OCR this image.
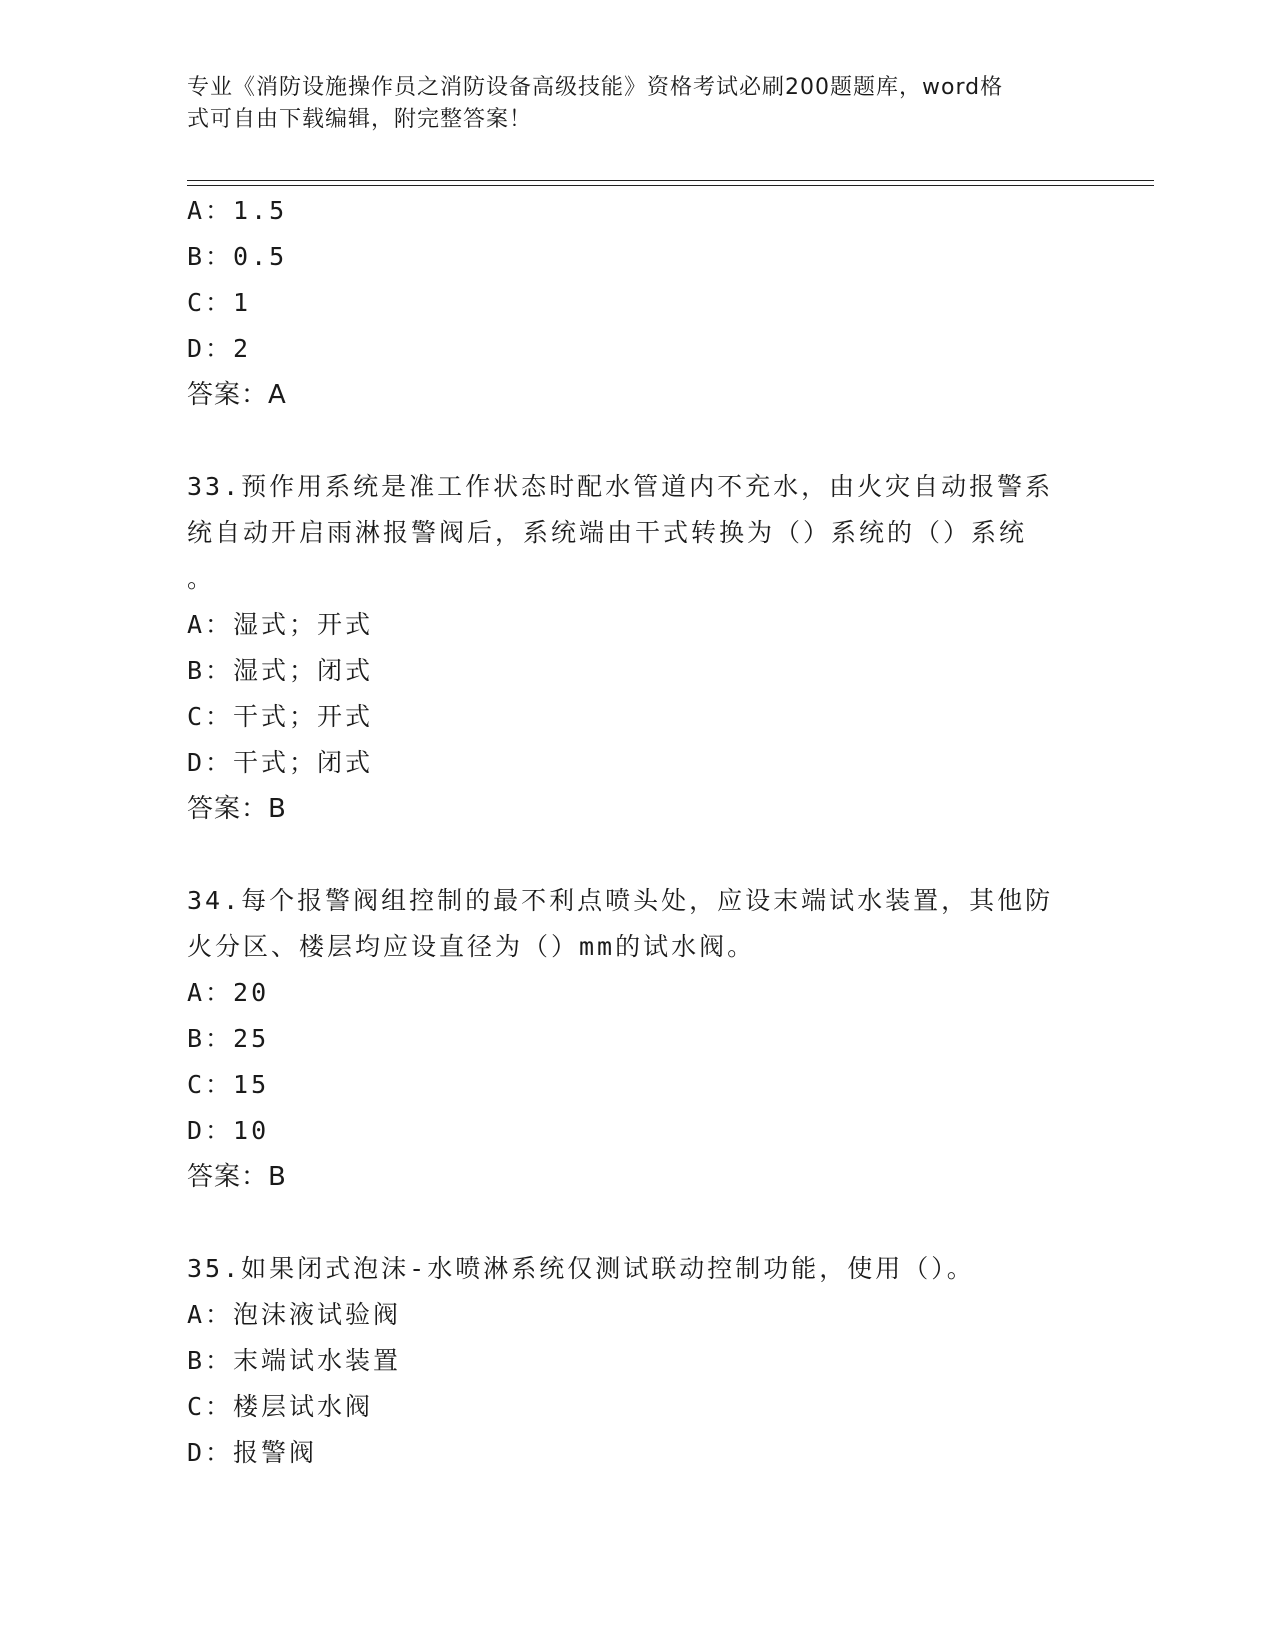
专业《消防设施操作员之消防设备高级技能》资格考试必刷200题题库，word格
式可自由下载编辑，附完整答案！
A：1.5
B：0.5
C：1
D：2
答案：A
33.预作用系统是准工作状态时配水管道内不充水，由火灾自动报警系
统自动开启雨淋报警阀后，系统端由干式转换为（）系统的（）系统
。
A：湿式；开式
B：湿式；闭式
C：干式；开式
D：干式；闭式
答案：B
34.每个报警阀组控制的最不利点喷头处，应设末端试水装置，其他防
火分区、楼层均应设直径为（）mm的试水阀。
A：20
B：25
C：15
D：10
答案：B
35.如果闭式泡沫-水喷淋系统仅测试联动控制功能，使用（）。
A：泡沫液试验阀
B：末端试水装置
C：楼层试水阀
D：报警阀
